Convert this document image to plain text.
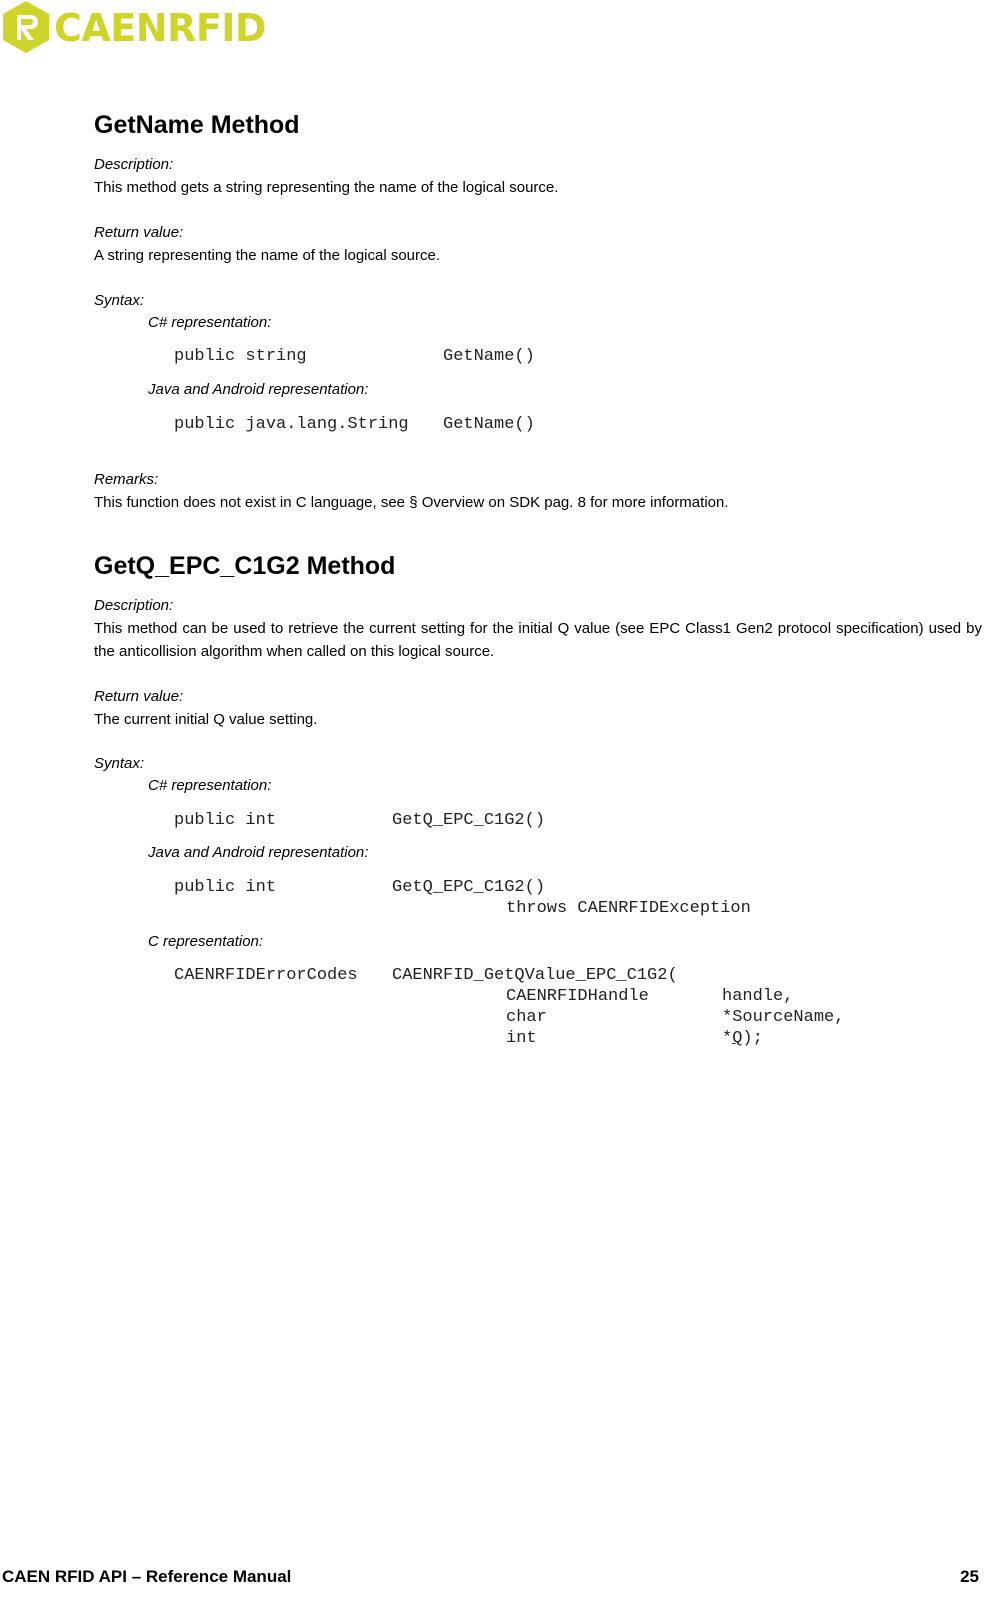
CAENRFID
GetName Method
Description:
This method gets a string representing the name of the logical source.
Return value:
A string representing the name of the logical source.
Syntax:
C# representation:
public string	GetName()
Java and Android representation:
public java.lang.String GetName()
Remarks:
This function does not exist in C language, see § Overview on SDK pag. 8 for more information.
GetQ_EPC_C1G2 Method
Description:
This method can be used to retrieve the current setting for the initial Q value (see EPC Class1 Gen2 protocol specification) used by the anticollision algorithm when called on this logical source.
Return value:
The current initial Q value setting.
Syntax:
C# representation:
public int	GetQ_EPC_C1G2()
Java and Android representation:
public int	GetQ_EPC_C1G2()
throws CAENRFIDException
C representation:
CAENRFIDErrorCodes CAENRFID_GetQValue_EPC_C1G2(
CAENRFIDHandle	handle,
char	*SourceName,
int	*Q);
CAEN RFID API – Reference Manual	25
